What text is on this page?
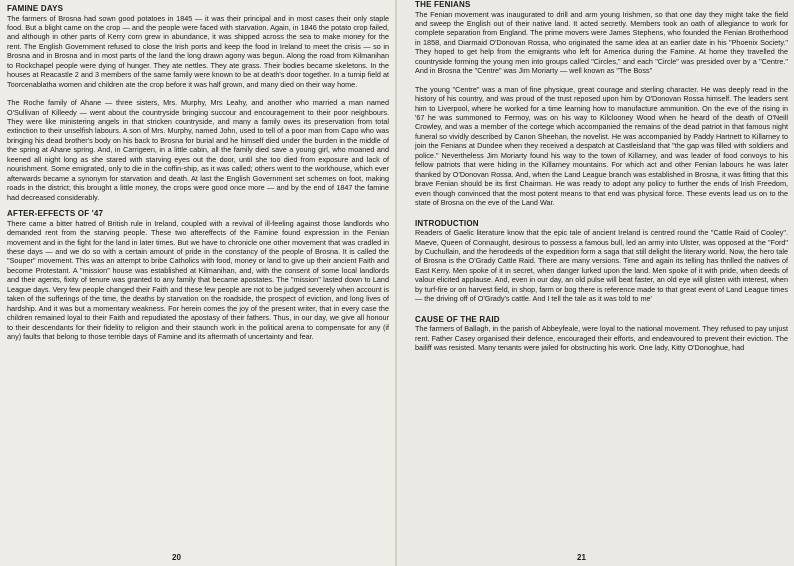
FAMINE DAYS

The farmers of Brosna had sown good potatoes in 1845 — it was their principal and in most cases their only staple food. But a blight came on the crop — and the people were faced with starvation. Again, in 1846 the potato crop failed, and although in other parts of Kerry corn grew in abundance, it was shipped across the sea to make money for the rent. The English Government refused to close the Irish ports and keep the food in Ireland to meet the crisis — so in Brosna and in Brosna and in most parts of the land the long drawn agony was begun. Along the road from Kilmanihan to Rockchapel people were dying of hunger. They ate nettles. They ate grass. Their bodies became skeletons. In the houses at Reacastle 2 and 3 members of the same family were known to be at death's door together. In a turnip field at Toorcenablatha women and children ate the crop before it was half grown, and many died on their way home.

The Roche family of Ahane — three sisters, Mrs. Murphy, Mrs Leahy, and another who married a man named O'Sullivan of Killeedy — went about the countryside bringing succour and encouragement to their poor neighbours. They were like ministering angels in that stricken countryside, and many a family owes its preservation from total extinction to their unselfish labours. A son of Mrs. Murphy, named John, used to tell of a poor man from Capo who was bringing his dead brother's body on his back to Brosna for burial and he himself died under the burden in the middle of the spring at Ahane spring. And, in Carrigeen, in a little cabin, all the family died save a young girl, who moaned and keened all night long as she stared with starving eyes out the door, until she too died from exposure and lack of nourishment. Some emigrated, only to die in the coffin-ship, as it was called; others went to the workhouse, which ever afterwards became a synonym for starvation and death. At last the English Government set schemes on foot, making roads in the district; this brought a little money, the crops were good once more — and by the end of 1847 the famine had decreased considerably.

AFTER-EFFECTS OF '47

There came a bitter hatred of British rule in Ireland, coupled with a revival of ill-feeling against those landlords who demanded rent from the starving people. These two aftereffects of the Famine found expression in the Fenian movement and in the fight for the land in later times. But we have to chronicle one other movement that was cradled in these days — and we do so with a certain amount of pride in the constancy of the people of Brosna. It is called the "Souper" movement. This was an attempt to bribe Catholics with food, money or land to give up their ancient Faith and become Protestant. A "mission" house was established at Kilmanihan, and, with the consent of some local landlords and their agents, fixity of tenure was granted to any family that became apostates. The "mission" lasted down to Land League days. Very few people changed their Faith and these few people are not to be judged severely when account is taken of the sufferings of the time, the deaths by starvation on the roadside, the prospect of eviction, and long lives of hardship. And it was but a momentary weakness. For herein comes the joy of the present writer, that in every case the children remained loyal to their Faith and repudiated the apostasy of their fathers. Thus, in our day, we give all honour to their descendants for their fidelity to religion and their staunch work in the political arena to compensate for any (if any) faults that belong to those terrible days of Famine and its aftermath of uncertainty and fear.

20
THE FENIANS

The Fenian movement was inaugurated to drill and arm young Irishmen, so that one day they might take the field and sweep the English out of their native land. It acted secretly. Members took an oath of allegiance to work for complete separation from England. The prime movers were James Stephens, who founded the Fenian Brotherhood in 1858, and Diarmaid O'Donovan Rossa, who originated the same idea at an earlier date in his "Phoenix Society." They hoped to get help from the emigrants who left for America during the Famine. At home they travelled the countryside forming the young men into groups called "Circles," and each "Circle" was presided over by a "Centre." And in Brosna the "Centre" was Jim Moriarty — well known as "The Boss"

The young "Centre" was a man of fine physique, great courage and sterling character. He was deeply read in the history of his country, and was proud of the trust reposed upon him by O'Donovan Rossa himself. The leaders sent him to Liverpool, where he worked for a time learning how to manufacture ammunition. On the eve of the rising in '67 he was summoned to Fermoy, was on his way to Kilclooney Wood when he heard of the death of O'Neill Crowley, and was a member of the cortege which accompanied the remains of the dead patriot in that famous night funeral so vividly described by Canon Sheehan, the novelist. He was accompanied by Paddy Hartnett to Killarney to join the Fenians at Dundee when they received a despatch at Castleisland that "the gap was filled with soldiers and police." Nevertheless Jim Moriarty found his way to the town of Killarney, and was leader of food convoys to his fellow patriots that were hiding in the Killarney mountains. For which act and other Fenian labours he was later thanked by O'Donovan Rossa. And, when the Land League branch was established in Brosna, it was fitting that this brave Fenian should be its first Chairman. He was ready to adopt any policy to further the ends of Irish Freedom, even though convinced that the most potent means to that end was physical force. These events lead us on to the state of Brosna on the eve of the Land War.

INTRODUCTION

Readers of Gaelic literature know that the epic tale of ancient Ireland is centred round the "Cattle Raid of Cooley". Maeve, Queen of Connaught, desirous to possess a famous bull, led an army into Ulster, was opposed at the "Ford" by Cuchullain, and the herodeeds of the expedition form a saga that still delight the literary world. Now, the hero tale of Brosna is the O'Grady Cattle Raid. There are many versions. Time and again its telling has thrilled the natives of East Kerry. Men spoke of it in secret, when danger lurked upon the land. Men spoke of it with pride, when deeds of valour elicited applause. And, even in our day, an old pulse will beat faster, an old eye will glisten with interest, when by turf-fire or on harvest field, in shop, farm or bog there is reference made to that great event of Land League times — the driving off of O'Grady's cattle. And I tell the tale as it was told to me'

CAUSE OF THE RAID

The farmers of Ballagh, in the parish of Abbeyfeale, were loyal to the national movement. They refused to pay unjust rent. Father Casey organised their defence, encouraged their efforts, and endeavoured to prevent their eviction. The bailiff was resisted. Many tenants were jailed for obstructing his work. One lady, Kitty O'Donoghue, had

21
